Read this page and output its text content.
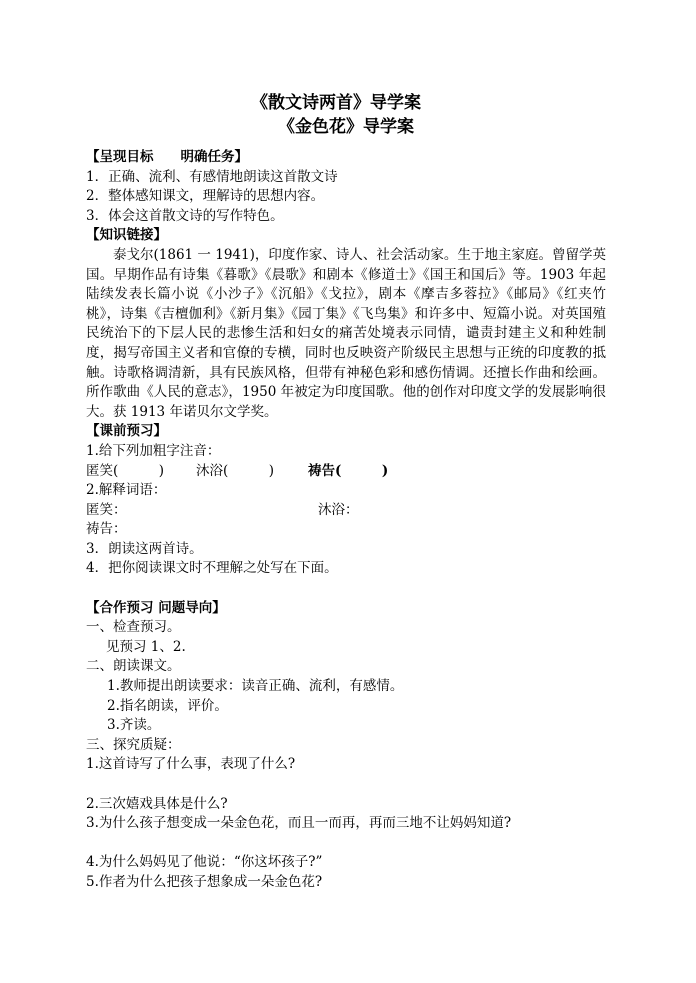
《散文诗两首》导学案
《金色花》导学案
【呈现目标　　明确任务】
1．正确、流利、有感情地朗读这首散文诗
2．整体感知课文，理解诗的思想内容。
3．体会这首散文诗的写作特色。
【知识链接】
泰戈尔(1861 一 1941)，印度作家、诗人、社会活动家。生于地主家庭。曾留学英国。早期作品有诗集《暮歌》《晨歌》和剧本《修道士》《国王和国后》等。1903 年起陆续发表长篇小说《小沙子》《沉船》《戈拉》，剧本《摩吉多蓉拉》《邮局》《红夹竹桃》，诗集《吉檀伽利》《新月集》《园丁集》《飞鸟集》和许多中、短篇小说。对英国殖民统治下的下层人民的悲惨生活和妇女的痛苦处境表示同情，谴责封建主义和种姓制度，揭写帝国主义者和官僚的专横，同时也反映资产阶级民主思想与正统的印度教的抵触。诗歌格调清新，具有民族风格，但带有神秘色彩和感伤情调。还擅长作曲和绘画。所作歌曲《人民的意志》，1950 年被定为印度国歌。他的创作对印度文学的发展影响很大。获 1913 年诺贝尔文学奖。
【课前预习】
1.给下列加粗字注音：
匿笑(　　　)	沐浴(　　　)	祷告(　　　)
2.解释词语：
匿笑：	沐浴：
祷告：
3．朗读这两首诗。
4．把你阅读课文时不理解之处写在下面。
【合作预习 问题导向】
一、检查预习。
见预习 1、2.
二、朗读课文。
1.教师提出朗读要求：读音正确、流利，有感情。
2.指名朗读，评价。
3.齐读。
三、探究质疑：
1.这首诗写了什么事，表现了什么?
2.三次嬉戏具体是什么?
3.为什么孩子想变成一朵金色花，而且一而再，再而三地不让妈妈知道?
4.为什么妈妈见了他说：“你这坏孩子?”
5.作者为什么把孩子想象成一朵金色花?
